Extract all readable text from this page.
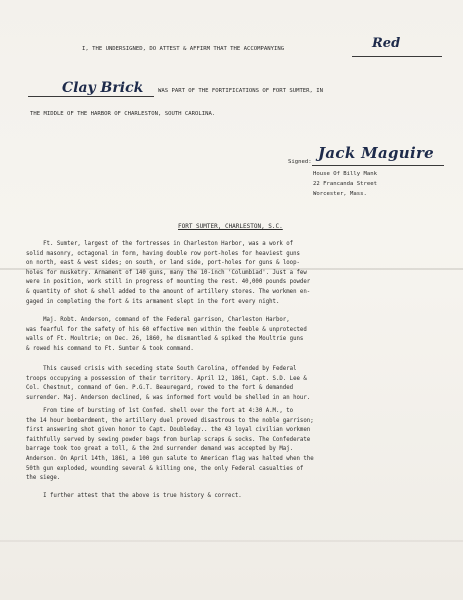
I, THE UNDERSIGNED, DO ATTEST & AFFIRM THAT THE ACCOMPANYING	Red
Clay Brick	WAS PART OF THE FORTIFICATIONS OF FORT SUMTER, IN
THE MIDDLE OF THE HARBOR OF CHARLESTON, SOUTH CAROLINA.
Signed: Jack Maguire
House Of Billy Mank
22 Francanda Street
Worcester, Mass.
FORT SUMTER, CHARLESTON, S.C.
Ft. Sumter, largest of the fortresses in Charleston Harbor, was a work of
solid masonry, octagonal in form, having double row port-holes for heaviest guns
on north, east & west sides; on south, or land side, port-holes for guns & loop-
holes for musketry. Armament of 140 guns, many the 10-inch 'Columbiad'. Just a few
were in position, work still in progress of mounting the rest. 40,000 pounds powder
& quantity of shot & shell added to the amount of artillery stores. The workmen en-
gaged in completing the fort & its armament slept in the fort every night.
Maj. Robt. Anderson, command of the Federal garrison, Charleston Harbor,
was fearful for the safety of his 60 effective men within the feeble & unprotected
walls of Ft. Moultrie; on Dec. 26, 1860, he dismantled & spiked the Moultrie guns
& rowed his command to Ft. Sumter & took command.
This caused crisis with seceding state South Carolina, offended by Federal
troops occupying a possession of their territory. April 12, 1861, Capt. S.D. Lee &
Col. Chestnut, command of Gen. P.G.T. Beauregard, rowed to the fort & demanded
surrender. Maj. Anderson declined, & was informed fort would be shelled in an hour.
From time of bursting of 1st Confed. shell over the fort at 4:30 A.M., to
the 14 hour bombardment, the artillery duel proved disastrous to the noble garrison;
first answering shot given honor to Capt. Doubleday.. the 43 loyal civilian workmen
faithfully served by sewing powder bags from burlap scraps & socks. The Confederate
barrage took too great a toll, & the 2nd surrender demand was accepted by Maj.
Anderson. On April 14th, 1861, a 100 gun salute to American flag was halted when the
50th gun exploded, wounding several & killing one, the only Federal casualties of
the siege.
I further attest that the above is true history & correct.
